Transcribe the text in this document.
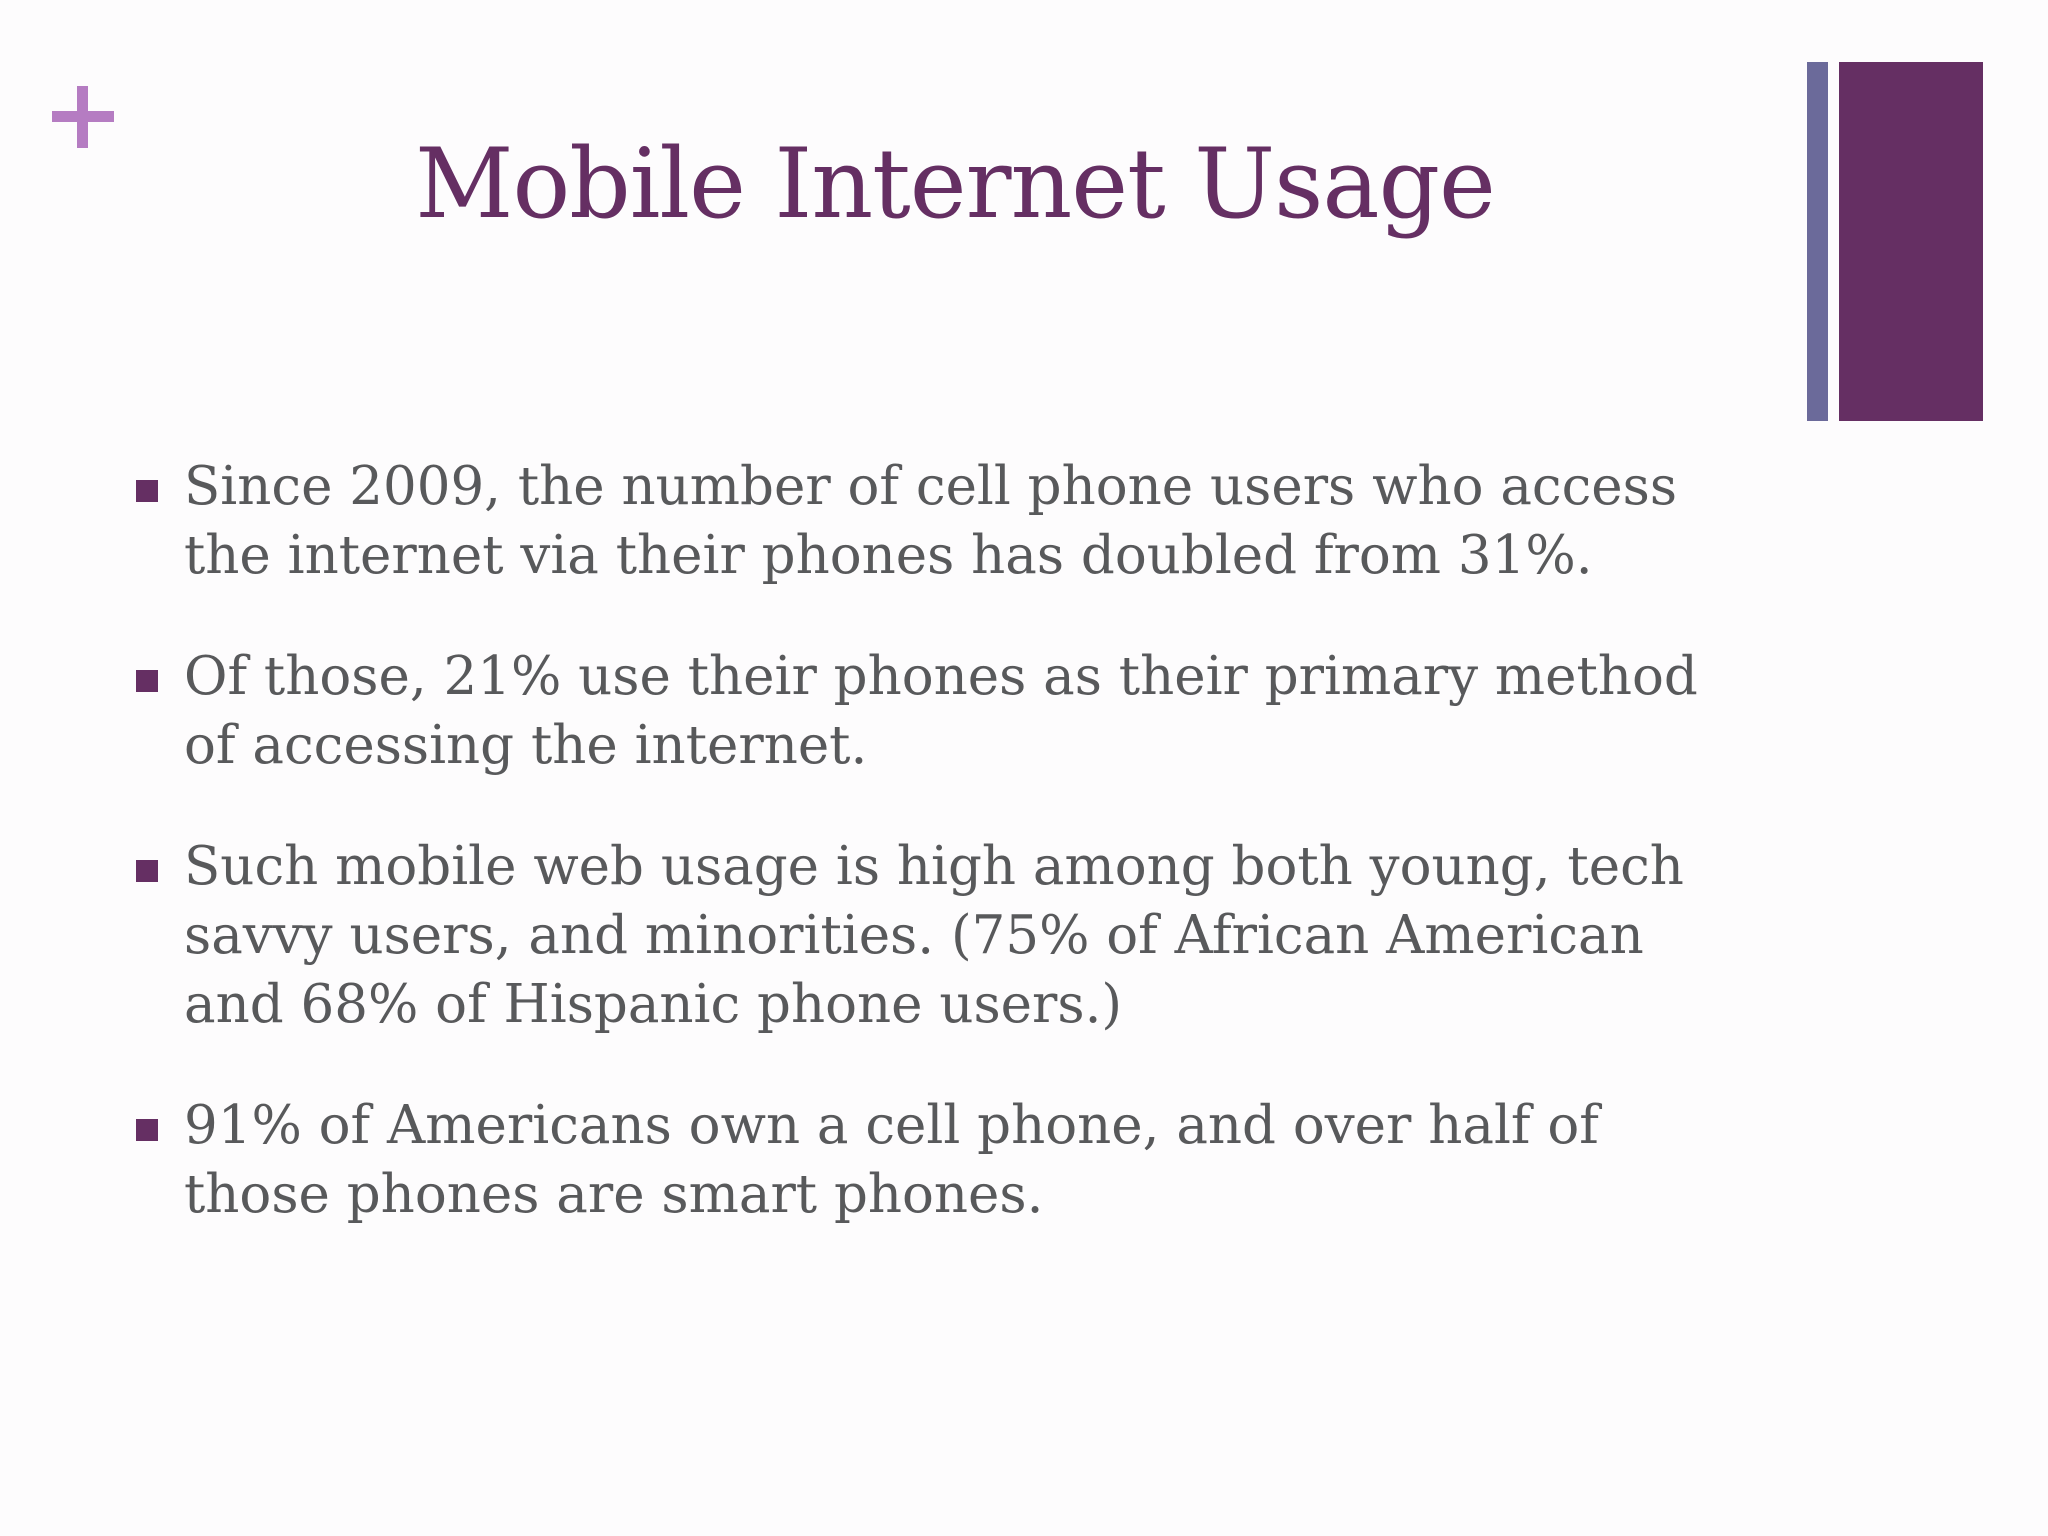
Mobile Internet Usage
Since 2009, the number of cell phone users who access the internet via their phones has doubled from 31%.
Of those, 21% use their phones as their primary method of accessing the internet.
Such mobile web usage is high among both young, tech savvy users, and minorities. (75% of African American and 68% of Hispanic phone users.)
91% of Americans own a cell phone, and over half of those phones are smart phones.
